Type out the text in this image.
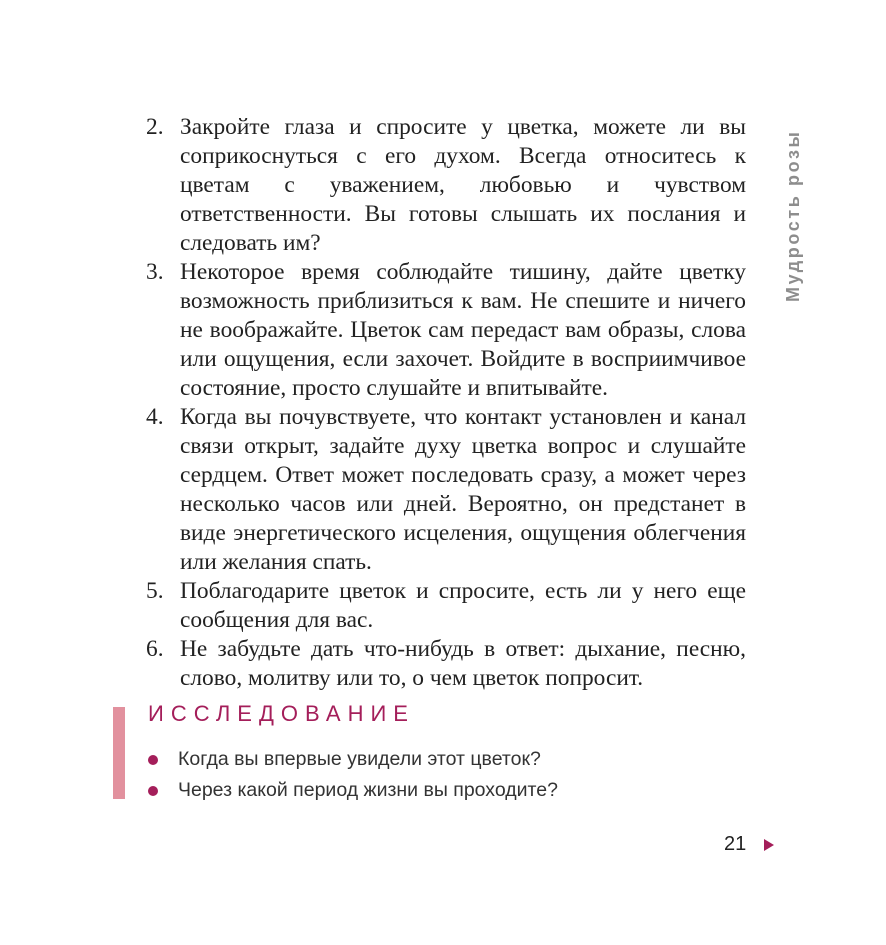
2. Закройте глаза и спросите у цветка, можете ли вы соприкоснуться с его духом. Всегда относитесь к цветам с уважением, любовью и чувством ответственности. Вы готовы слышать их послания и следовать им?
3. Некоторое время соблюдайте тишину, дайте цветку возможность приблизиться к вам. Не спешите и ничего не воображайте. Цветок сам передаст вам образы, слова или ощущения, если захочет. Войдите в восприимчивое состояние, просто слушайте и впитывайте.
4. Когда вы почувствуете, что контакт установлен и канал связи открыт, задайте духу цветка вопрос и слушайте сердцем. Ответ может последовать сразу, а может через несколько часов или дней. Вероятно, он предстанет в виде энергетического исцеления, ощущения облегчения или желания спать.
5. Поблагодарите цветок и спросите, есть ли у него еще сообщения для вас.
6. Не забудьте дать что-нибудь в ответ: дыхание, песню, слово, молитву или то, о чем цветок попросит.
Мудрость розы
ИССЛЕДОВАНИЕ
Когда вы впервые увидели этот цветок?
Через какой период жизни вы проходите?
21
